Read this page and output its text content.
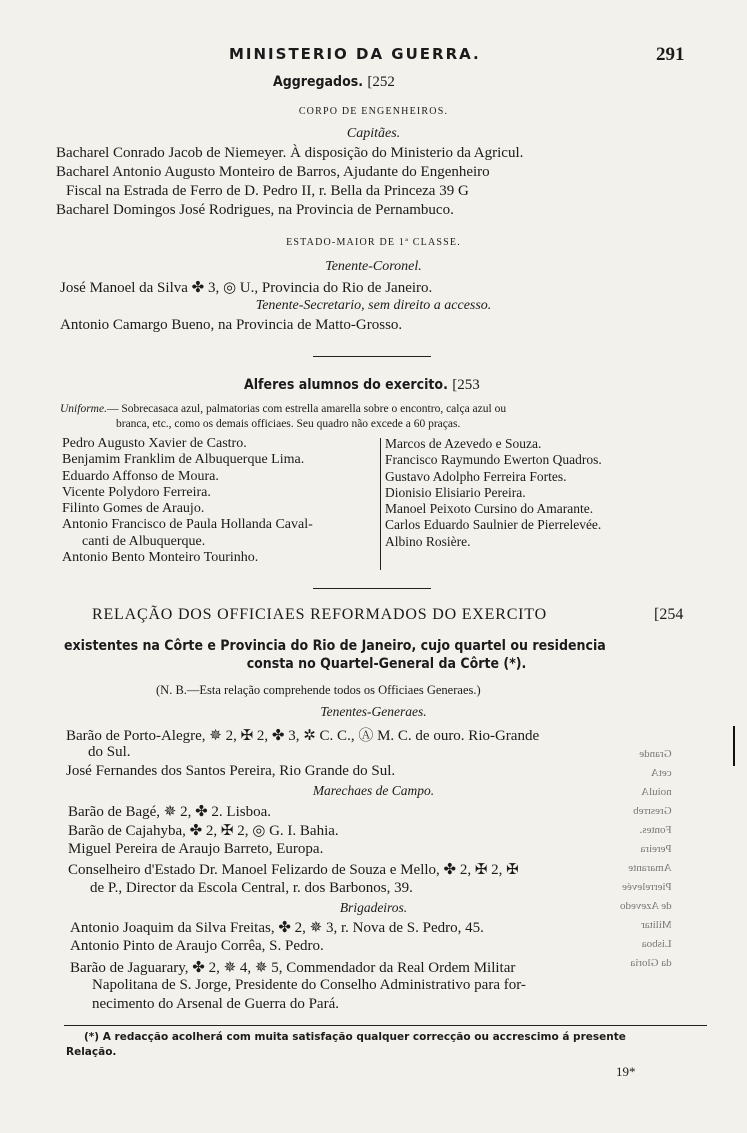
MINISTERIO DA GUERRA.	291
Aggregados. [252
CORPO DE ENGENHEIROS.
Capitães.
Bacharel Conrado Jacob de Niemeyer. À disposição do Ministerio da Agricul.
Bacharel Antonio Augusto Monteiro de Barros, Ajudante do Engenheiro
Fiscal na Estrada de Ferro de D. Pedro II, r. Bella da Princeza 39 G
Bacharel Domingos José Rodrigues, na Provincia de Pernambuco.
ESTADO-MAIOR DE 1ª CLASSE.
Tenente-Coronel.
José Manoel da Silva ✤ 3, ◎ U., Provincia do Rio de Janeiro.
Tenente-Secretario, sem direito a accesso.
Antonio Camargo Bueno, na Provincia de Matto-Grosso.
Alferes alumnos do exercito. [253
Uniforme.— Sobrecasaca azul, palmatorias com estrella amarella sobre o encontro, calça azul ou
branca, etc., como os demais officiaes. Seu quadro não excede a 60 praças.
Pedro Augusto Xavier de Castro.
Benjamim Franklim de Albuquerque Lima.
Eduardo Affonso de Moura.
Vicente Polydoro Ferreira.
Filinto Gomes de Araujo.
Antonio Francisco de Paula Hollanda Caval-
canti de Albuquerque.
Antonio Bento Monteiro Tourinho.
Marcos de Azevedo e Souza.
Francisco Raymundo Ewerton Quadros.
Gustavo Adolpho Ferreira Fortes.
Dionisio Elisiario Pereira.
Manoel Peixoto Cursino do Amarante.
Carlos Eduardo Saulnier de Pierrelevée.
Albino Rosière.
RELAÇÃO DOS OFFICIAES REFORMADOS DO EXERCITO	[254
existentes na Côrte e Provincia do Rio de Janeiro, cujo quartel ou residencia
consta no Quartel-General da Côrte (*).
(N. B.—Esta relação comprehende todos os Officiaes Generaes.)
Tenentes-Generaes.
Barão de Porto-Alegre, ✵ 2, ✠ 2, ✤ 3, ✲ C. C., Ⓐ M. C. de ouro. Rio-Grande
do Sul.
José Fernandes dos Santos Pereira, Rio Grande do Sul.
Marechaes de Campo.
Barão de Bagé, ✵ 2, ✤ 2. Lisboa.
Barão de Cajahyba, ✤ 2, ✠ 2, ◎ G. I. Bahia.
Miguel Pereira de Araujo Barreto, Europa.
Conselheiro d'Estado Dr. Manoel Felizardo de Souza e Mello, ✤ 2, ✠ 2, ✠
de P., Director da Escola Central, r. dos Barbonos, 39.
Brigadeiros.
Antonio Joaquim da Silva Freitas, ✤ 2, ✵ 3, r. Nova de S. Pedro, 45.
Antonio Pinto de Araujo Corrêa, S. Pedro.
Barão de Jaguarary, ✤ 2, ✵ 4, ✵ 5, Commendador da Real Ordem Militar
Napolitana de S. Jorge, Presidente do Conselho Administrativo para for-
necimento do Arsenal de Guerra do Pará.
(*) A redacção acolherá com muita satisfação qualquer correcção ou accrescimo á presente
Relação.
19*
Grande
cetA
noiulA
Gresrreb
Fontes.
Pereira
Amarante
Pierrelevée
de Azevedo
Militar
Lisboa
da Gloria
